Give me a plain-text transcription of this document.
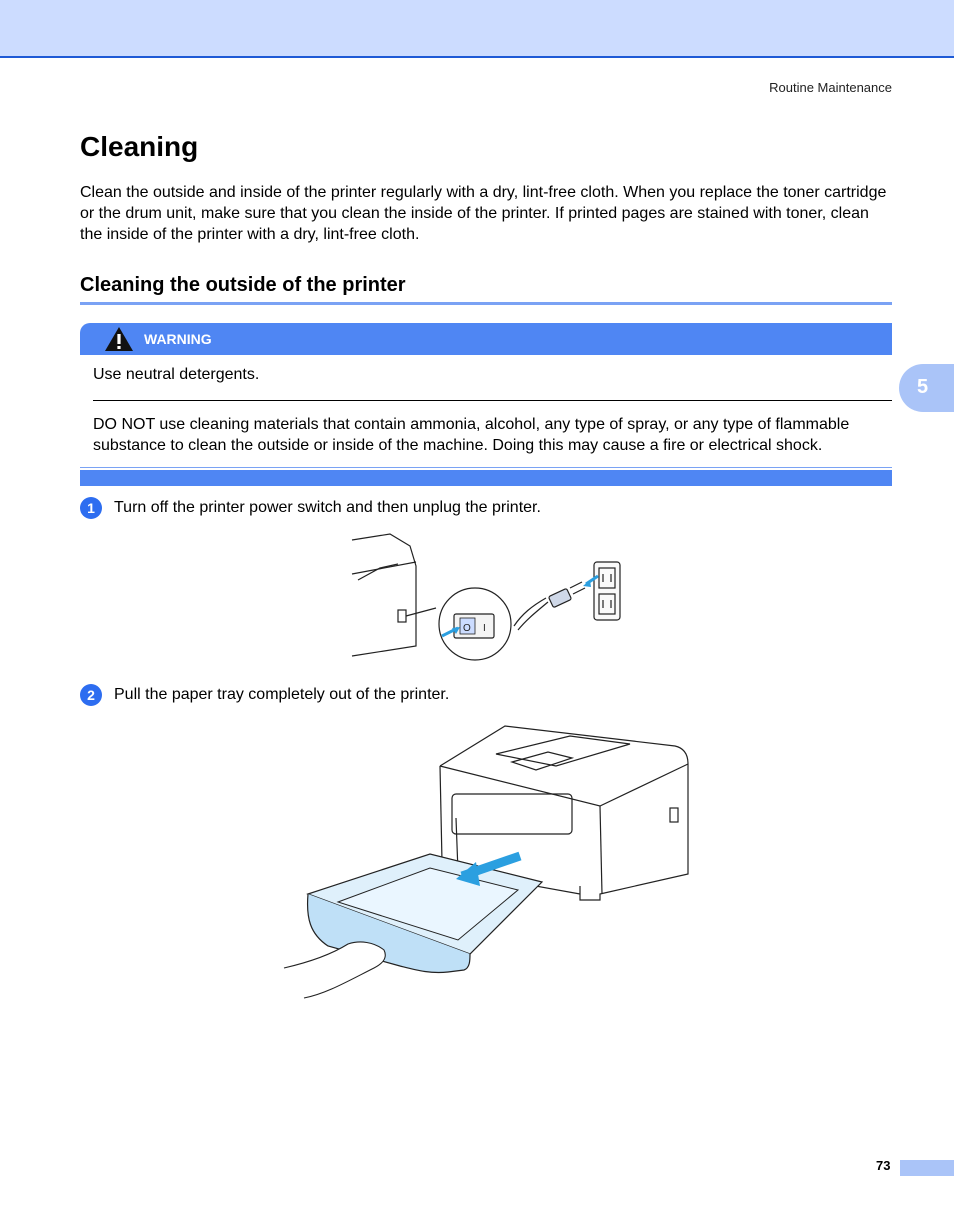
Routine Maintenance
Cleaning

Clean the outside and inside of the printer regularly with a dry, lint-free cloth. When you replace the toner cartridge or the drum unit, make sure that you clean the inside of the printer. If printed pages are stained with toner, clean the inside of the printer with a dry, lint-free cloth.

Cleaning the outside of the printer
WARNING

Use neutral detergents.

DO NOT use cleaning materials that contain ammonia, alcohol, any type of spray, or any type of flammable substance to clean the outside or inside of the machine. Doing this may cause a fire or electrical shock.

1	Turn off the printer power switch and then unplug the printer.

O I
2	Pull the paper tray completely out of the printer.

5
73
